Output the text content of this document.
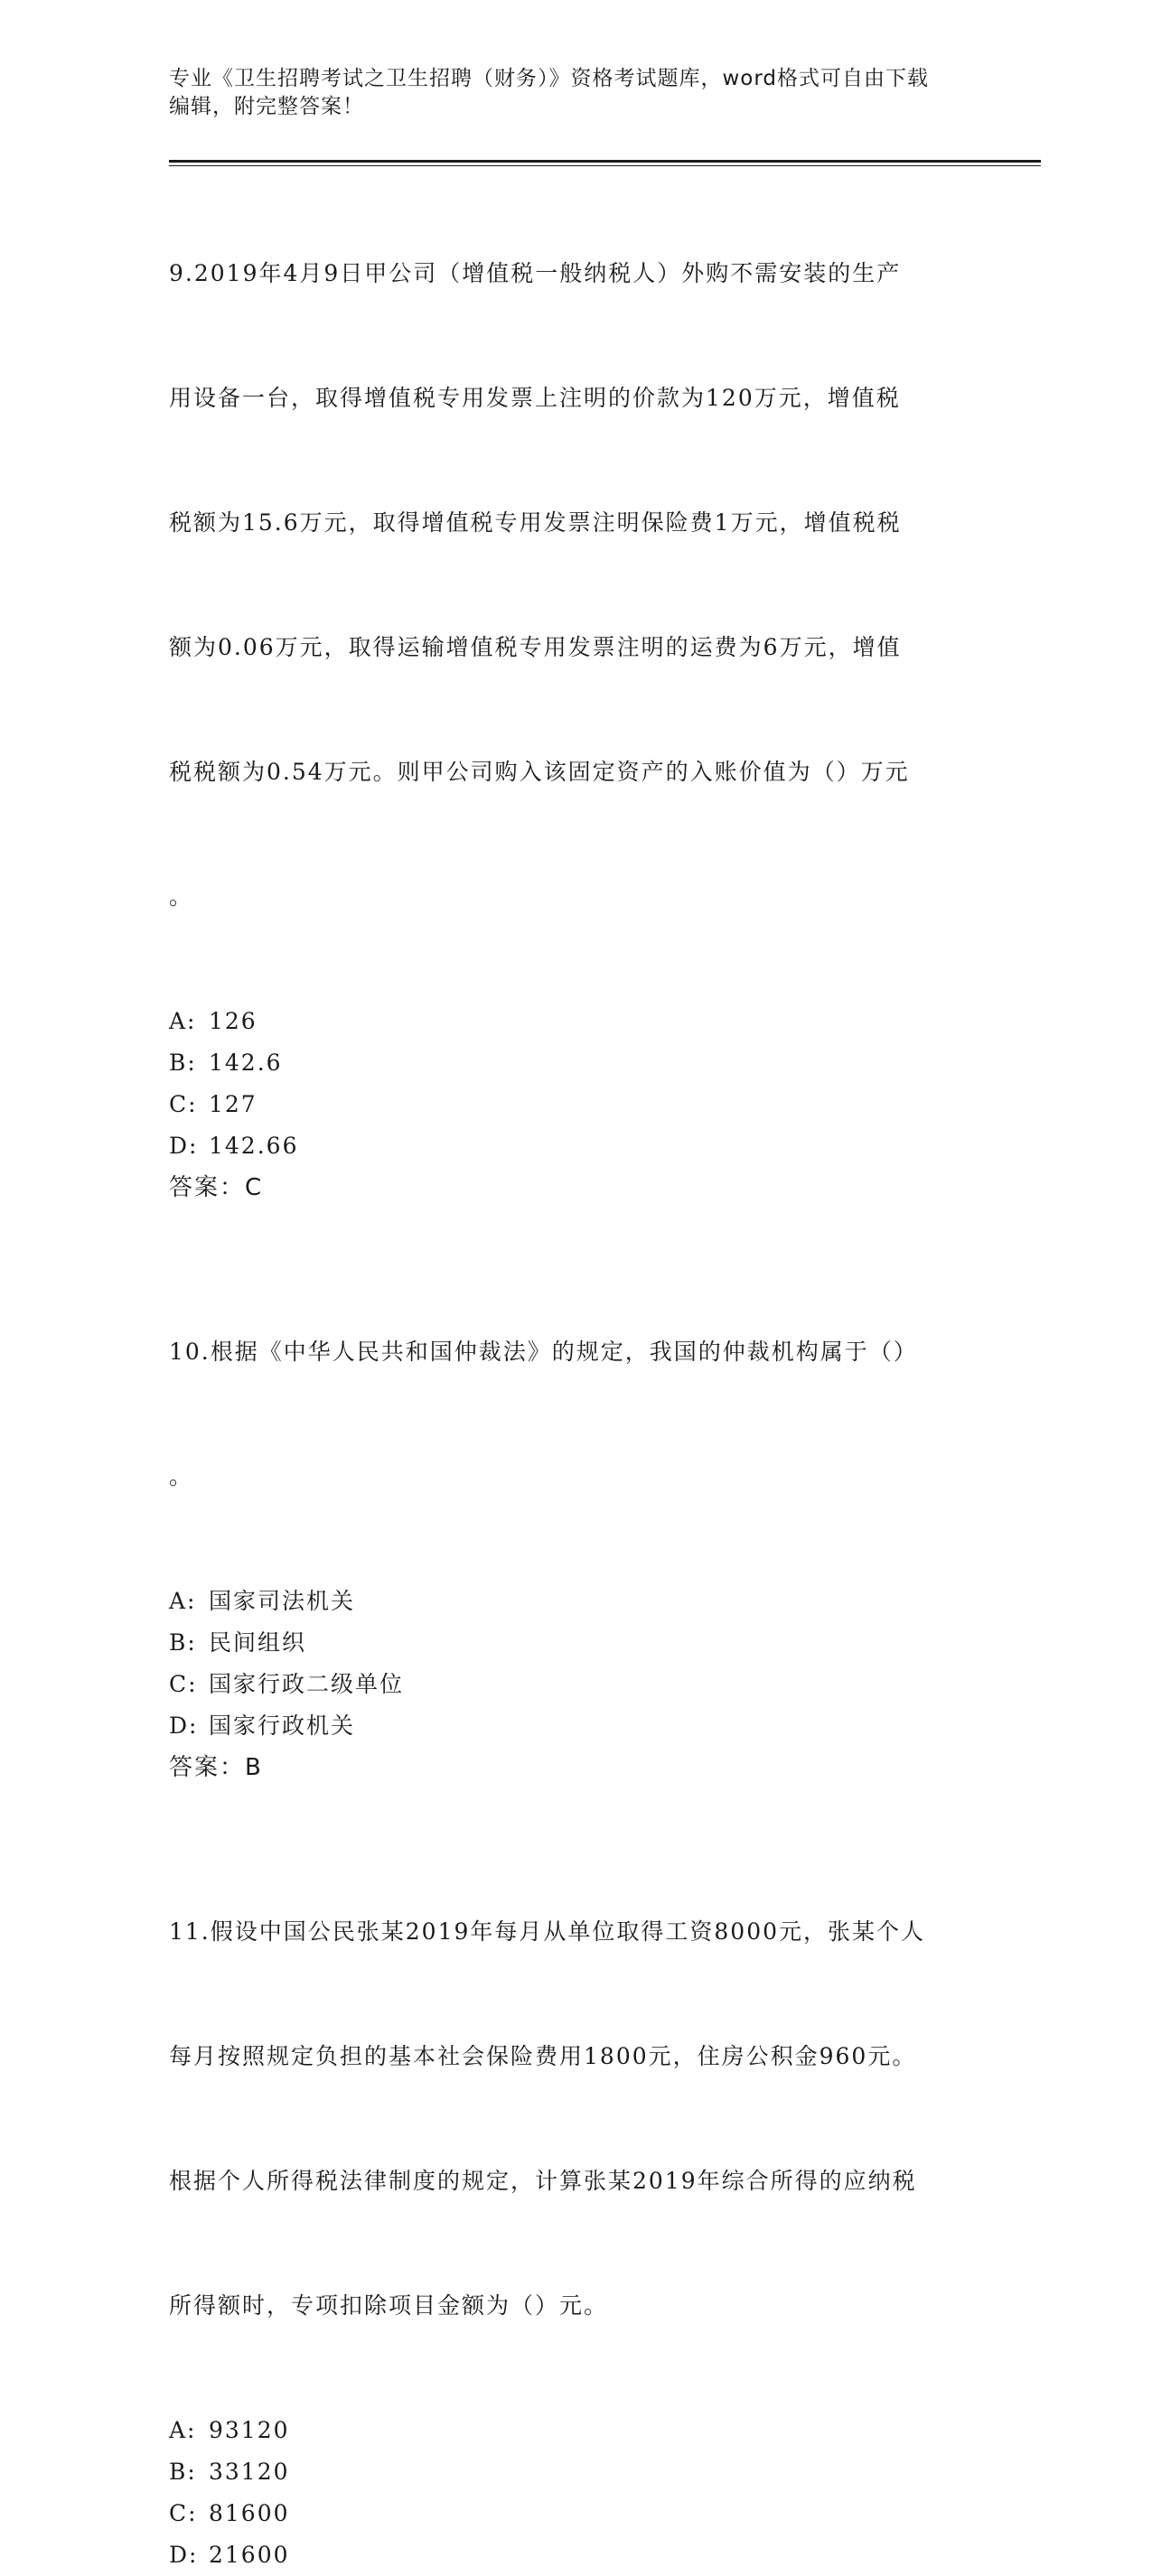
专业《卫生招聘考试之卫生招聘（财务）》资格考试题库，word格式可自由下载
编辑，附完整答案！

9.2019年4月9日甲公司（增值税一般纳税人）外购不需安装的生产

用设备一台，取得增值税专用发票上注明的价款为120万元，增值税

税额为15.6万元，取得增值税专用发票注明保险费1万元，增值税税

额为0.06万元，取得运输增值税专用发票注明的运费为6万元，增值

税税额为0.54万元。则甲公司购入该固定资产的入账价值为（）万元

。

A: 126
B: 142.6
C: 127
D: 142.66
答案：C

10.根据《中华人民共和国仲裁法》的规定，我国的仲裁机构属于（）

。

A: 国家司法机关
B: 民间组织
C: 国家行政二级单位
D: 国家行政机关
答案：B

11.假设中国公民张某2019年每月从单位取得工资8000元，张某个人

每月按照规定负担的基本社会保险费用1800元，住房公积金960元。

根据个人所得税法律制度的规定，计算张某2019年综合所得的应纳税

所得额时，专项扣除项目金额为（）元。

A: 93120
B: 33120
C: 81600
D: 21600
